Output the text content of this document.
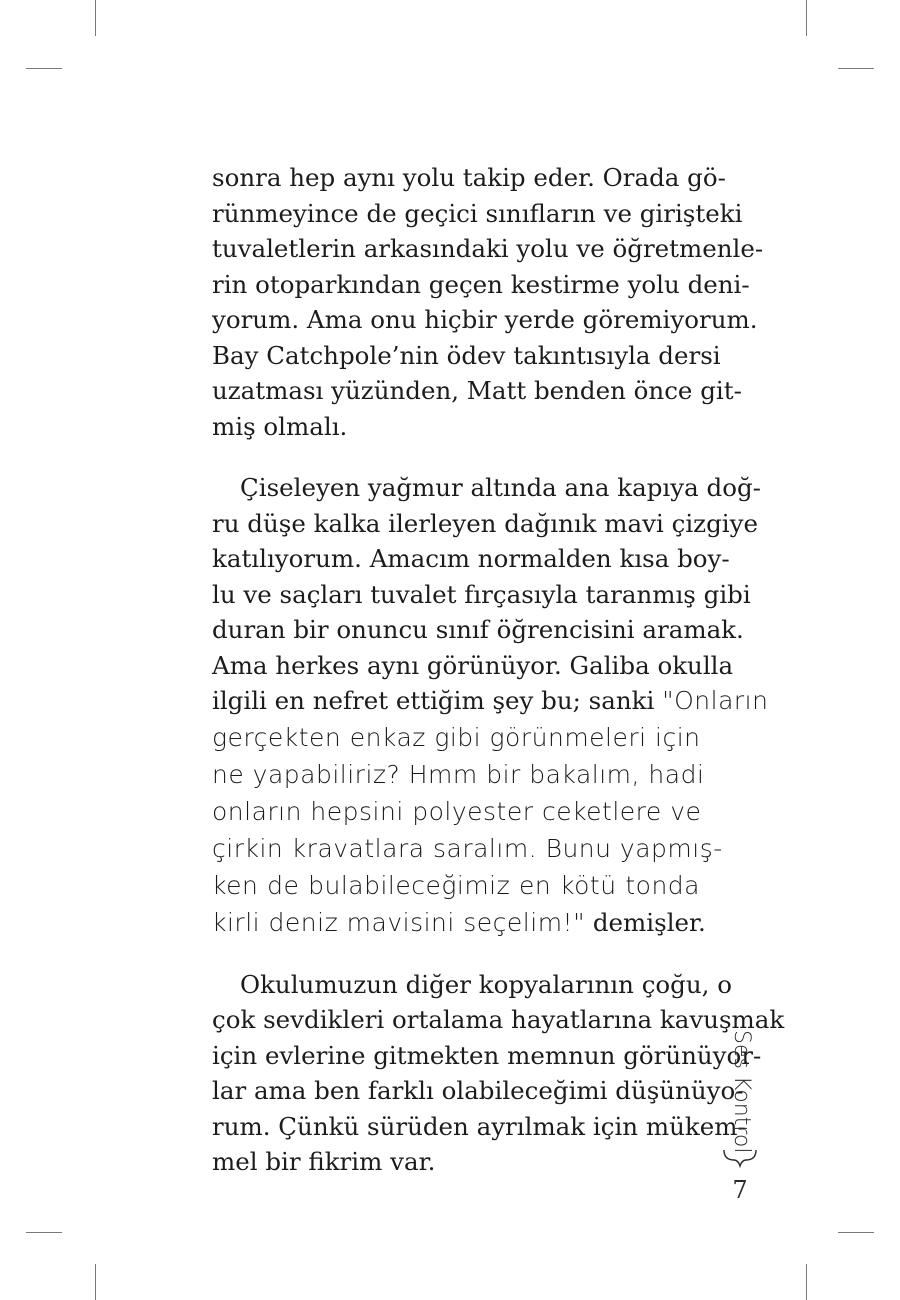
sonra hep aynı yolu takip eder. Orada gö-
rünmeyince de geçici sınıfların ve girişteki
tuvaletlerin arkasındaki yolu ve öğretmenle-
rin otoparkından geçen kestirme yolu deni-
yorum. Ama onu hiçbir yerde göremiyorum.
Bay Catchpole’nin ödev takıntısıyla dersi
uzatması yüzünden, Matt benden önce git-
miş olmalı.
Çiseleyen yağmur altında ana kapıya doğ-
ru düşe kalka ilerleyen dağınık mavi çizgiye
katılıyorum. Amacım normalden kısa boy-
lu ve saçları tuvalet fırçasıyla taranmış gibi
duran bir onuncu sınıf öğrencisini aramak.
Ama herkes aynı görünüyor. Galiba okulla
ilgili en nefret ettiğim şey bu; sanki "Onların
gerçekten enkaz gibi görünmeleri için
ne yapabiliriz? Hmm bir bakalım, hadi
onların hepsini polyester ceketlere ve
çirkin kravatlara saralım. Bunu yapmış-
ken de bulabileceğimiz en kötü tonda
kirli deniz mavisini seçelim!" demişler.
Okulumuzun diğer kopyalarının çoğu, o
çok sevdikleri ortalama hayatlarına kavuşmak
için evlerine gitmekten memnun görünüyor-
lar ama ben farklı olabileceğimi düşünüyo-
rum. Çünkü sürüden ayrılmak için mükem-
mel bir fikrim var.
Ses Kontrol
7
